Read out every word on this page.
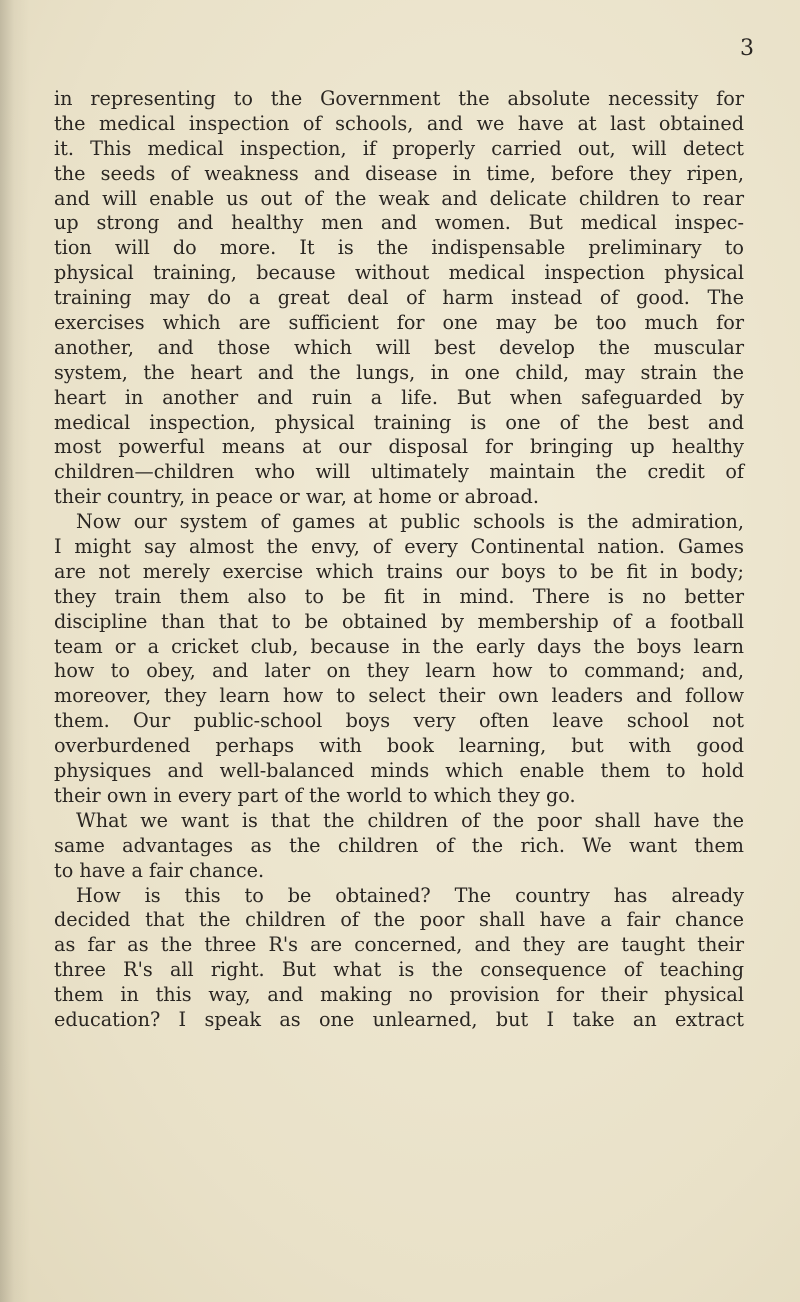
3
in representing to the Government the absolute necessity for
the medical inspection of schools, and we have at last obtained
it. This medical inspection, if properly carried out, will detect
the seeds of weakness and disease in time, before they ripen,
and will enable us out of the weak and delicate children to rear
up strong and healthy men and women. But medical inspec-
tion will do more. It is the indispensable preliminary to
physical training, because without medical inspection physical
training may do a great deal of harm instead of good. The
exercises which are sufficient for one may be too much for
another, and those which will best develop the muscular
system, the heart and the lungs, in one child, may strain the
heart in another and ruin a life. But when safeguarded by
medical inspection, physical training is one of the best and
most powerful means at our disposal for bringing up healthy
children—children who will ultimately maintain the credit of
their country, in peace or war, at home or abroad.
Now our system of games at public schools is the admiration,
I might say almost the envy, of every Continental nation. Games
are not merely exercise which trains our boys to be fit in body;
they train them also to be fit in mind. There is no better
discipline than that to be obtained by membership of a football
team or a cricket club, because in the early days the boys learn
how to obey, and later on they learn how to command; and,
moreover, they learn how to select their own leaders and follow
them. Our public-school boys very often leave school not
overburdened perhaps with book learning, but with good
physiques and well-balanced minds which enable them to hold
their own in every part of the world to which they go.
What we want is that the children of the poor shall have the
same advantages as the children of the rich. We want them
to have a fair chance.
How is this to be obtained? The country has already
decided that the children of the poor shall have a fair chance
as far as the three R's are concerned, and they are taught their
three R's all right. But what is the consequence of teaching
them in this way, and making no provision for their physical
education? I speak as one unlearned, but I take an extract
